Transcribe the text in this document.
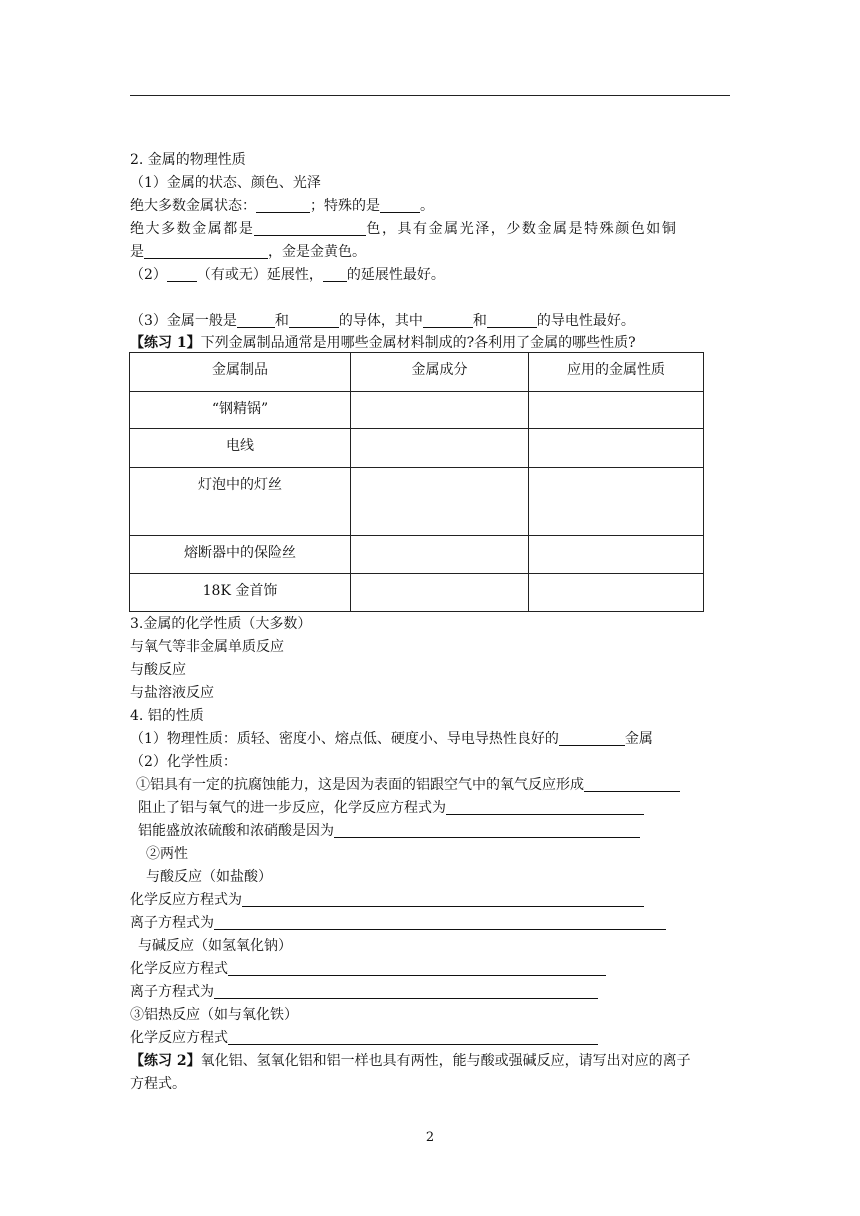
2. 金属的物理性质
（1）金属的状态、颜色、光泽
绝大多数金属状态：	；特殊的是	。
绝大多数金属都是	色，具有金属光泽，少数金属是特殊颜色如铜
是	，金是金黄色。
（2） （有或无）延展性， 的延展性最好。
（3）金属一般是	和	的导体，其中	和	的导电性最好。
【练习 1】下列金属制品通常是用哪些金属材料制成的?各利用了金属的哪些性质?
金属制品	金属成分	应用的金属性质
“钢精锅”		
电线		
灯泡中的灯丝		
熔断器中的保险丝		
18K 金首饰		
3.金属的化学性质（大多数）
与氧气等非金属单质反应
与酸反应
与盐溶液反应
4. 铝的性质
（1）物理性质：质轻、密度小、熔点低、硬度小、导电导热性良好的	金属
（2）化学性质：
①铝具有一定的抗腐蚀能力，这是因为表面的铝跟空气中的氧气反应形成
阻止了铝与氧气的进一步反应，化学反应方程式为
铝能盛放浓硫酸和浓硝酸是因为
②两性
与酸反应（如盐酸）
化学反应方程式为
离子方程式为
与碱反应（如氢氧化钠）
化学反应方程式
离子方程式为
③铝热反应（如与氧化铁）
化学反应方程式
【练习 2】氧化铝、氢氧化铝和铝一样也具有两性，能与酸或强碱反应，请写出对应的离子
方程式。
2
